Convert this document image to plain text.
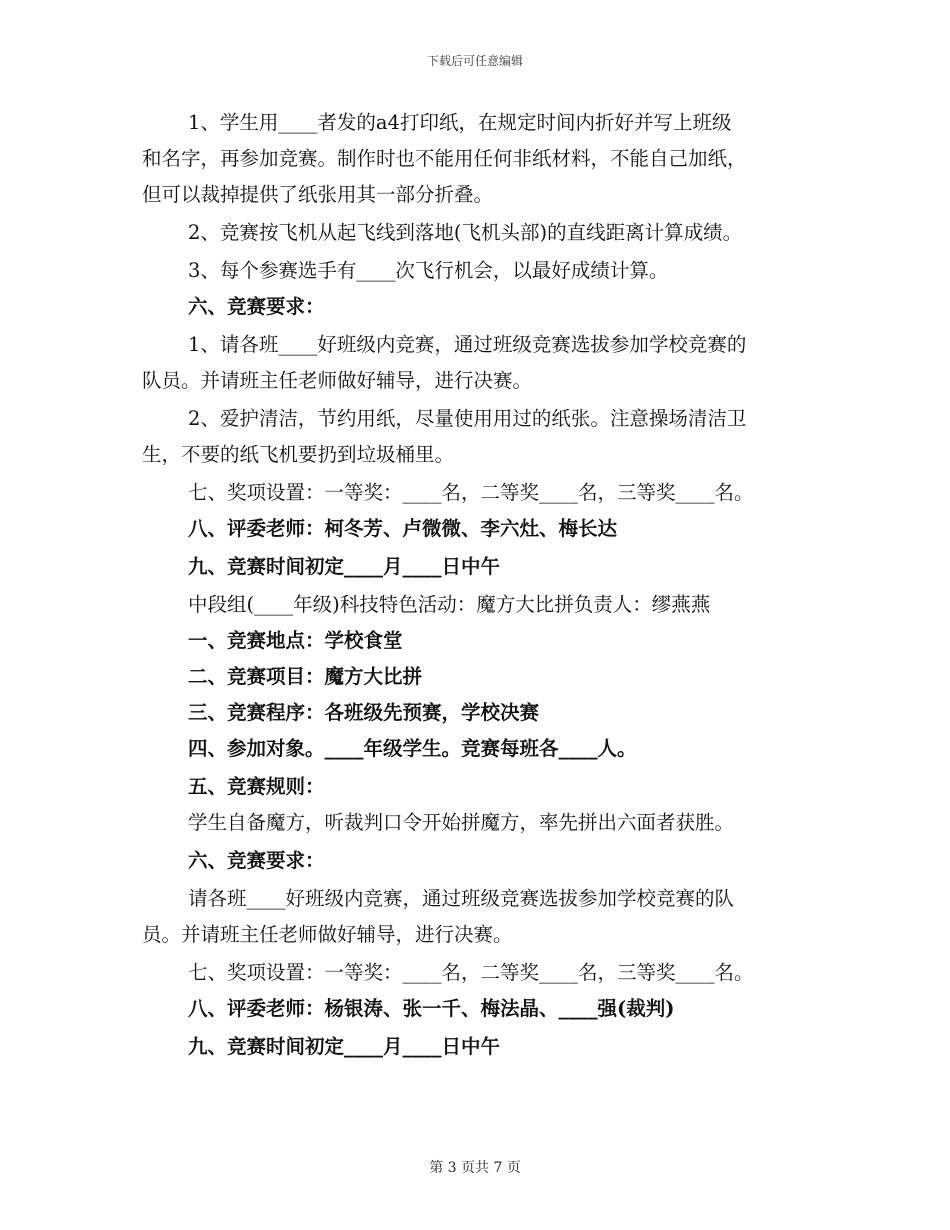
下载后可任意编辑
1、学生用____者发的a4打印纸，在规定时间内折好并写上班级
和名字，再参加竞赛。制作时也不能用任何非纸材料，不能自己加纸，
但可以裁掉提供了纸张用其一部分折叠。
2、竞赛按飞机从起飞线到落地(飞机头部)的直线距离计算成绩。
3、每个参赛选手有____次飞行机会，以最好成绩计算。
六、竞赛要求：
1、请各班____好班级内竞赛，通过班级竞赛选拔参加学校竞赛的
队员。并请班主任老师做好辅导，进行决赛。
2、爱护清洁，节约用纸，尽量使用用过的纸张。注意操场清洁卫
生，不要的纸飞机要扔到垃圾桶里。
七、奖项设置：一等奖：____名，二等奖____名，三等奖____名。
八、评委老师：柯冬芳、卢微微、李六灶、梅长达
九、竞赛时间初定____月____日中午
中段组(____年级)科技特色活动：魔方大比拼负责人：缪燕燕
一、竞赛地点：学校食堂
二、竞赛项目：魔方大比拼
三、竞赛程序：各班级先预赛，学校决赛
四、参加对象。____年级学生。竞赛每班各____人。
五、竞赛规则：
学生自备魔方，听裁判口令开始拼魔方，率先拼出六面者获胜。
六、竞赛要求：
请各班____好班级内竞赛，通过班级竞赛选拔参加学校竞赛的队
员。并请班主任老师做好辅导，进行决赛。
七、奖项设置：一等奖：____名，二等奖____名，三等奖____名。
八、评委老师：杨银涛、张一千、梅法晶、____强(裁判)
九、竞赛时间初定____月____日中午
第 3 页共 7 页
